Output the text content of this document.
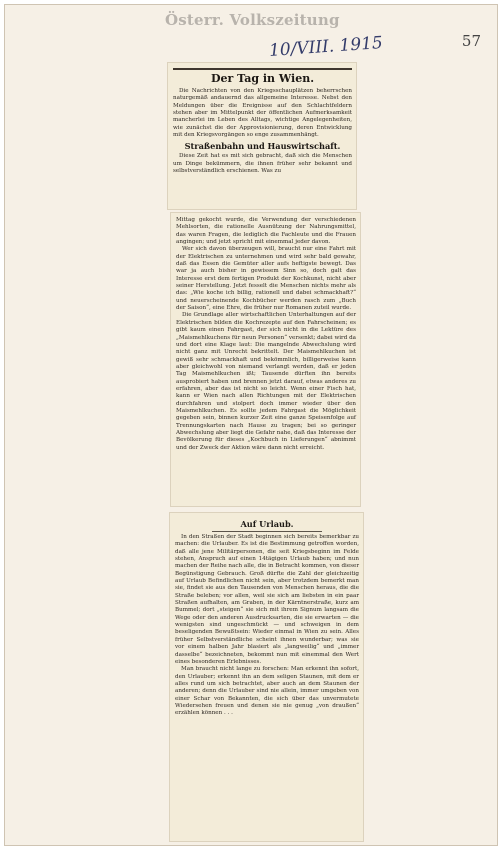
Österr. Volkszeitung
10/VIII. 1915	57
Der Tag in Wien.

Die Nachrichten von den Kriegsschauplätzen beherrschen naturgemäß andauernd das allgemeine Interesse. Nebst den Meldungen über die Ereignisse auf den Schlachtfeldern stehen aber im Mittelpunkt der öffentlichen Aufmerksamkeit mancherlei im Leben des Alltags, wichtige Angelegenheiten, wie zunächst die der Approvisionierung, deren Entwicklung mit den Kriegsvorgängen so enge zusammenhängt.

Straßenbahn und Hauswirtschaft.

Diese Zeit hat es mit sich gebracht, daß sich die Menschen um Dinge bekümmern, die ihnen früher sehr bekannt und selbstverständlich erschienen. Was zu

Mittag gekocht wurde, die Verwendung der verschiedenen Mehlsorten, die rationelle Ausnützung der Nahrungsmittel, das waren Fragen, die lediglich die Fachleute und die Frauen angingen; und jetzt spricht mit einemmal jeder davon.

Wer sich davon überzeugen will, braucht nur eine Fahrt mit der Elektrischen zu unternehmen und wird sehr bald gewahr, daß das Essen die Gemüter aller aufs heftigste bewegt. Das war ja auch bisher in gewissem Sinn so, doch galt das Interesse erst dem fertigen Produkt der Kochkunst, nicht aber seiner Herstellung. Jetzt fesselt die Menschen nichts mehr als das: „Wie koche ich billig, rationell und dabei schmackhaft?“ und neuerscheinende Kochbücher werden rasch zum „Buch der Saison“, eine Ehre, die früher nur Romanen zuteil wurde.

Die Grundlage aller wirtschaftlichen Unterhaltungen auf der Elektrischen bilden die Kochrezepte auf den Fahrscheinen; es gibt kaum einen Fahrgast, der sich nicht in die Lektüre des „Maismehlkuchens für neun Personen“ versenkt; dabei wird da und dort eine Klage laut: Die mangelnde Abwechslung wird nicht ganz mit Unrecht bekrittelt. Der Maismehlkuchen ist gewiß sehr schmackhaft und bekömmlich, billigerweise kann aber gleichwohl von niemand verlangt werden, daß er jeden Tag Maismehlkuchen ißt; Tausende dürften ihn bereits ausprobiert haben und brennen jetzt darauf, etwas anderes zu erfahren, aber das ist nicht so leicht. Wenn einer Fisch hat, kann er Wien nach allen Richtungen mit der Elektrischen durchfahren und stolpert doch immer wieder über den Maismehlkuchen. Es sollte jedem Fahrgast die Möglichkeit gegeben sein, binnen kurzer Zeit eine ganze Speisenfolge auf Trennungskarten nach Hause zu tragen; bei so geringer Abwechslung aber liegt die Gefahr nahe, daß das Interesse der Bevölkerung für dieses „Kochbuch in Lieferungen“ abnimmt und der Zweck der Aktion wäre dann nicht erreicht.

Auf Urlaub.

In den Straßen der Stadt beginnen sich bereits bemerkbar zu machen: die Urlauber. Es ist die Bestimmung getroffen worden, daß alle jene Militärpersonen, die seit Kriegsbeginn im Felde stehen, Anspruch auf einen 14tägigen Urlaub haben; und nun machen der Reihe nach alle, die in Betracht kommen, von dieser Begünstigung Gebrauch. Groß dürfte die Zahl der gleichzeitig auf Urlaub Befindlichen nicht sein, aber trotzdem bemerkt man sie, findet sie aus den Tausenden von Menschen heraus, die die Straße beleben; vor allen, weil sie sich am liebsten in ein paar Straßen aufhalten, am Graben, in der Kärntnerstraße, kurz am Bummel; dort „steigen“ sie sich mit ihrem Signum langsam die Wege oder den anderen Ausdrucksarten, die sie erwarten — die wenigsten sind ungeschmückt — und schweigen in dem beseligenden Bewußtsein: Wieder einmal in Wien zu sein. Alles früher Selbstverständliche scheint ihnen wunderbar; was sie vor einem halben Jahr blasiert als „langweilig“ und „immer dasselbe“ bezeichneten, bekommt nun mit einemmal den Wert eines besonderen Erlebnisses.

Man braucht nicht lange zu forschen: Man erkennt ihn sofort, den Urlauber; erkennt ihn an dem seligen Staunen, mit dem er alles rund um sich betrachtet, aber auch an dem Staunen der anderen; denn die Urlauber sind nie allein, immer umgeben von einer Schar von Bekannten, die sich über das unvermutete Wiedersehen freuen und denen sie nie genug „von draußen“ erzählen können . . .
